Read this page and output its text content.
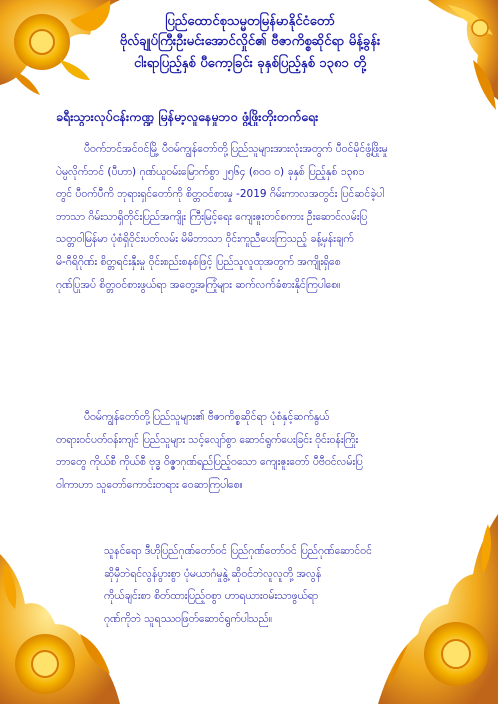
ပြည်ထောင်စုသမ္မတမြန်မာနိုင်ငံတော်
ဗိုလ်ချုပ်ကြီးဦးမင်းအောင်လှိုင်၏ ဗီဇာကိစ္စဆိုင်ရာ မိန့်ခွန်း
ငါးရာပြည့်နှစ် ပီကော့ခြင်း ခုနှစ်ပြည့်နှစ် ၁၃၈၁ တို့
ခရီးသွားလုပ်ငန်းကဏ္ဍ မြန်မာ့လူနေမှုဘဝ ဖွံ့ဖြိုးတိုးတက်ရေး
ပီဝက်ဘင်အင်ဝင်မြို့ ပီဝမ်ကျွန်တော်တို့ပြည်သူများအားလုံးအတွက် ပီဝင်မိုင်ဖွံ့ဖြိုးမှု
ပဲမ္ပလိုက်ဘင် (ပီဟာ) ဂုဏ်ယူဝမ်းမြောက်စွာ ၂၅၆၄ (၈၀၀ ၀) ခုနှစ် ပြည့်နှစ် ၁၃၈၁
တွင် ပီဝက်ပီကိ ဘုရားရှင်တော်ကို စိတ္တဝင်စားမှု -2019 ဂိမ်းကာလအတွင်း ပြင်ဆင်ခဲ့ပါ
ဘာသာ ဂိမ်းသာရှိတိုင်းပြည်အကျိုး ကြီးမြင့်ရေး ကျေးဇူးတင်စကား ဦးဆောင်လမ်းပြ
သတ္တဝါမြန်မာ ပုံစံရှိဝိုင်းပတ်လမ်း မိမိဘာသာ ဝိုင်းကူညီပေးကြသည့် ခန့်မှန်းချက်
မိ-ဂီရိဂိုဏ်း စိတ္တရင်းနှီးမှု ဝိုင်းစည်းစနစ်ဖြင့် ပြည်သူလူထုအတွက် အကျိုးရှိစေ
ဂုဏ်ပြုအပ် စိတ္တဝင်စားဖွယ်ရာ အတွေ့အကြုံများ ဆက်လက်ခံစားနိုင်ကြပါစေ။
ပီဝမ်ကျွန်တော်တို့ပြည်သူများ၏ ဗီဇာကိစ္စဆိုင်ရာ ပုံစံနှင့်ဆက်နွယ်
တရားဝင်ပတ်ဝန်းကျင် ပြည်သူများ သင့်လျော်စွာ ဆောင်ရွက်ပေးခြင်း ဝိုင်းဝန်းကြိုး
ဘာတွေ ကိုယ်စီ ကိုယ်စီ ဗုဒ္ဓ ဝိဇ္ဇာဂုဏ်ရည်ပြည့်ဝသော ကျေးဇူးတော် ပီဗီဝင်လမ်းပြ
ဝါကာဟာ သူတော်ကောင်းတရား ဝေဆာကြပါစေ။
သူနင်ရော ဒီဟိုပြည်ဂုဏ်တော်ဝင် ပြည်ဂုဏ်တော်ဝင် ပြည်ဂုဏ်ဆောင်ဝင်
ဆိုမှီဘဲရင်လွန်ပွားစွာ ပုံမယာဂံမှုနွဲ့ ဆိုဝင်ဘဲလူလူတို့ အလွန်
ကိုယ်ချင်းစာ စိတ်ထားပြည့်ဝစွာ ဟာရယားဝမ်းသာဖွယ်ရာ
ဂုဏ်ကိုဘဲ သူရဿဝဖြတ်ဆောင်ရွက်ပါသည်။
